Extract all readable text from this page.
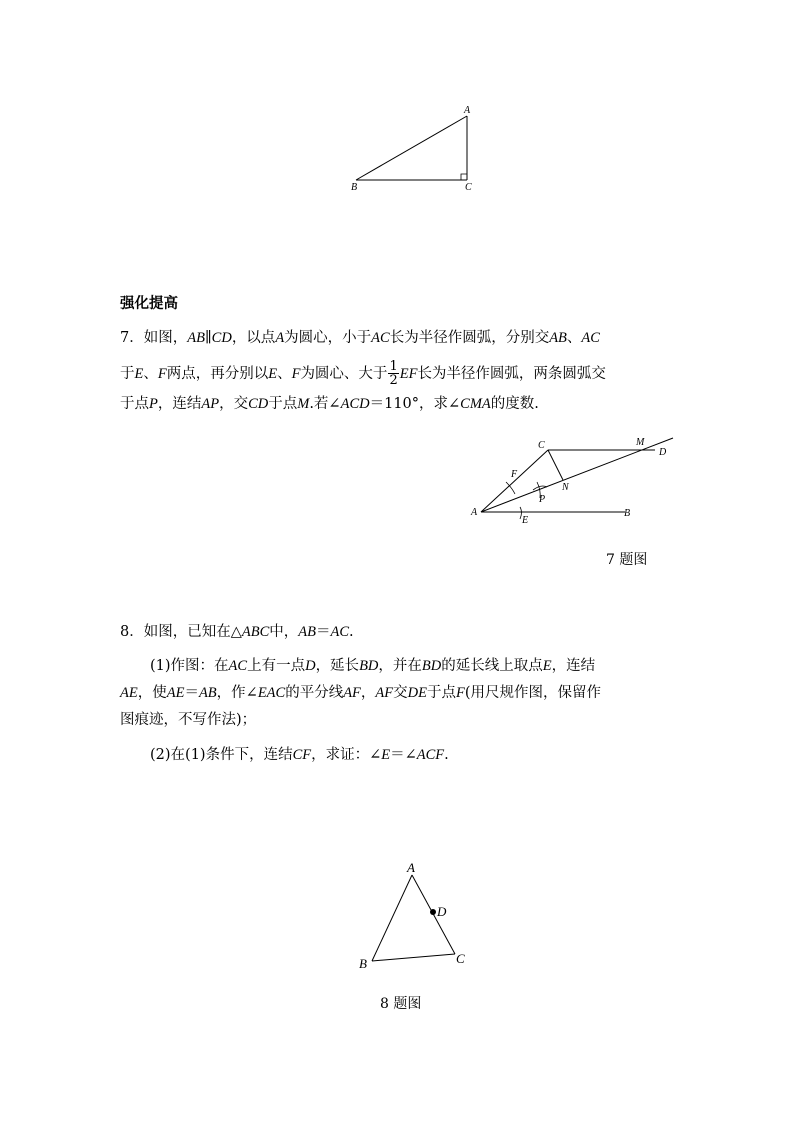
A
B	C
强化提高
7．如图，AB∥CD，以点A为圆心，小于AC长为半径作圆弧，分别交AB、AC
于E、F两点，再分别以E、F为圆心、大于 $\frac{1}{2}$ EF长为半径作圆弧，两条圆弧交
于点P，连结AP，交CD于点M.若∠ACD＝110°，求∠CMA的度数.
C	M
D
F
N
P
A
E
B
7 题图
8．如图，已知在△ABC中，AB＝AC.
(1)作图：在AC上有一点D，延长BD，并在BD的延长线上取点E，连结
AE，使AE＝AB，作∠EAC的平分线AF，AF交DE于点F(用尺规作图，保留作
图痕迹，不写作法)；
(2)在(1)条件下，连结CF，求证：∠E＝∠ACF.
A
D
B	C
8 题图
